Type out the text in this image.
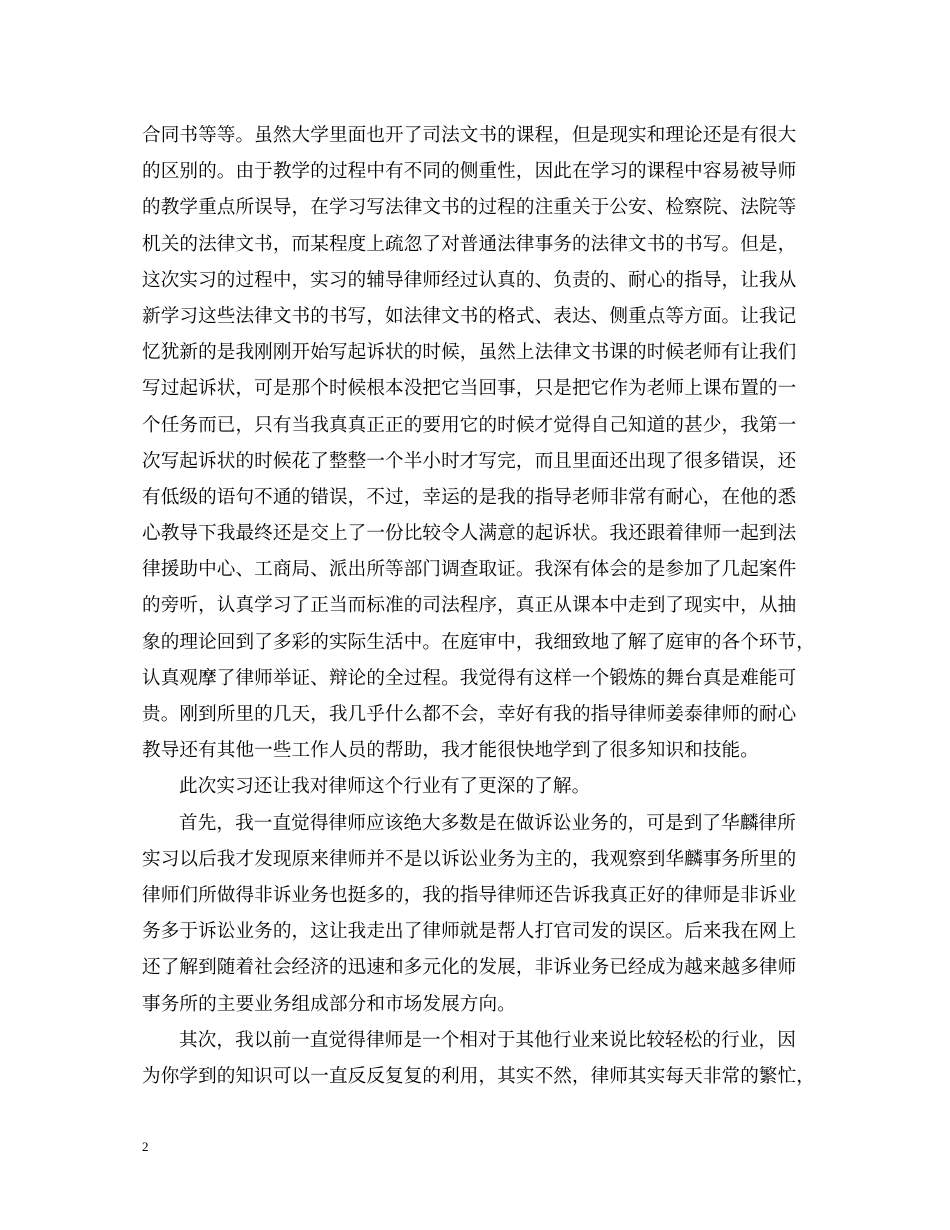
合同书等等。虽然大学里面也开了司法文书的课程，但是现实和理论还是有很大
的区别的。由于教学的过程中有不同的侧重性，因此在学习的课程中容易被导师
的教学重点所误导，在学习写法律文书的过程的注重关于公安、检察院、法院等
机关的法律文书，而某程度上疏忽了对普通法律事务的法律文书的书写。但是，
这次实习的过程中，实习的辅导律师经过认真的、负责的、耐心的指导，让我从
新学习这些法律文书的书写，如法律文书的格式、表达、侧重点等方面。让我记
忆犹新的是我刚刚开始写起诉状的时候，虽然上法律文书课的时候老师有让我们
写过起诉状，可是那个时候根本没把它当回事，只是把它作为老师上课布置的一
个任务而已，只有当我真真正正的要用它的时候才觉得自己知道的甚少，我第一
次写起诉状的时候花了整整一个半小时才写完，而且里面还出现了很多错误，还
有低级的语句不通的错误，不过，幸运的是我的指导老师非常有耐心，在他的悉
心教导下我最终还是交上了一份比较令人满意的起诉状。我还跟着律师一起到法
律援助中心、工商局、派出所等部门调查取证。我深有体会的是参加了几起案件
的旁听，认真学习了正当而标准的司法程序，真正从课本中走到了现实中，从抽
象的理论回到了多彩的实际生活中。在庭审中，我细致地了解了庭审的各个环节，
认真观摩了律师举证、辩论的全过程。我觉得有这样一个锻炼的舞台真是难能可
贵。刚到所里的几天，我几乎什么都不会，幸好有我的指导律师姜泰律师的耐心
教导还有其他一些工作人员的帮助，我才能很快地学到了很多知识和技能。
此次实习还让我对律师这个行业有了更深的了解。
首先，我一直觉得律师应该绝大多数是在做诉讼业务的，可是到了华麟律所
实习以后我才发现原来律师并不是以诉讼业务为主的，我观察到华麟事务所里的
律师们所做得非诉业务也挺多的，我的指导律师还告诉我真正好的律师是非诉业
务多于诉讼业务的，这让我走出了律师就是帮人打官司发的误区。后来我在网上
还了解到随着社会经济的迅速和多元化的发展，非诉业务已经成为越来越多律师
事务所的主要业务组成部分和市场发展方向。
其次，我以前一直觉得律师是一个相对于其他行业来说比较轻松的行业，因
为你学到的知识可以一直反反复复的利用，其实不然，律师其实每天非常的繁忙，
2
